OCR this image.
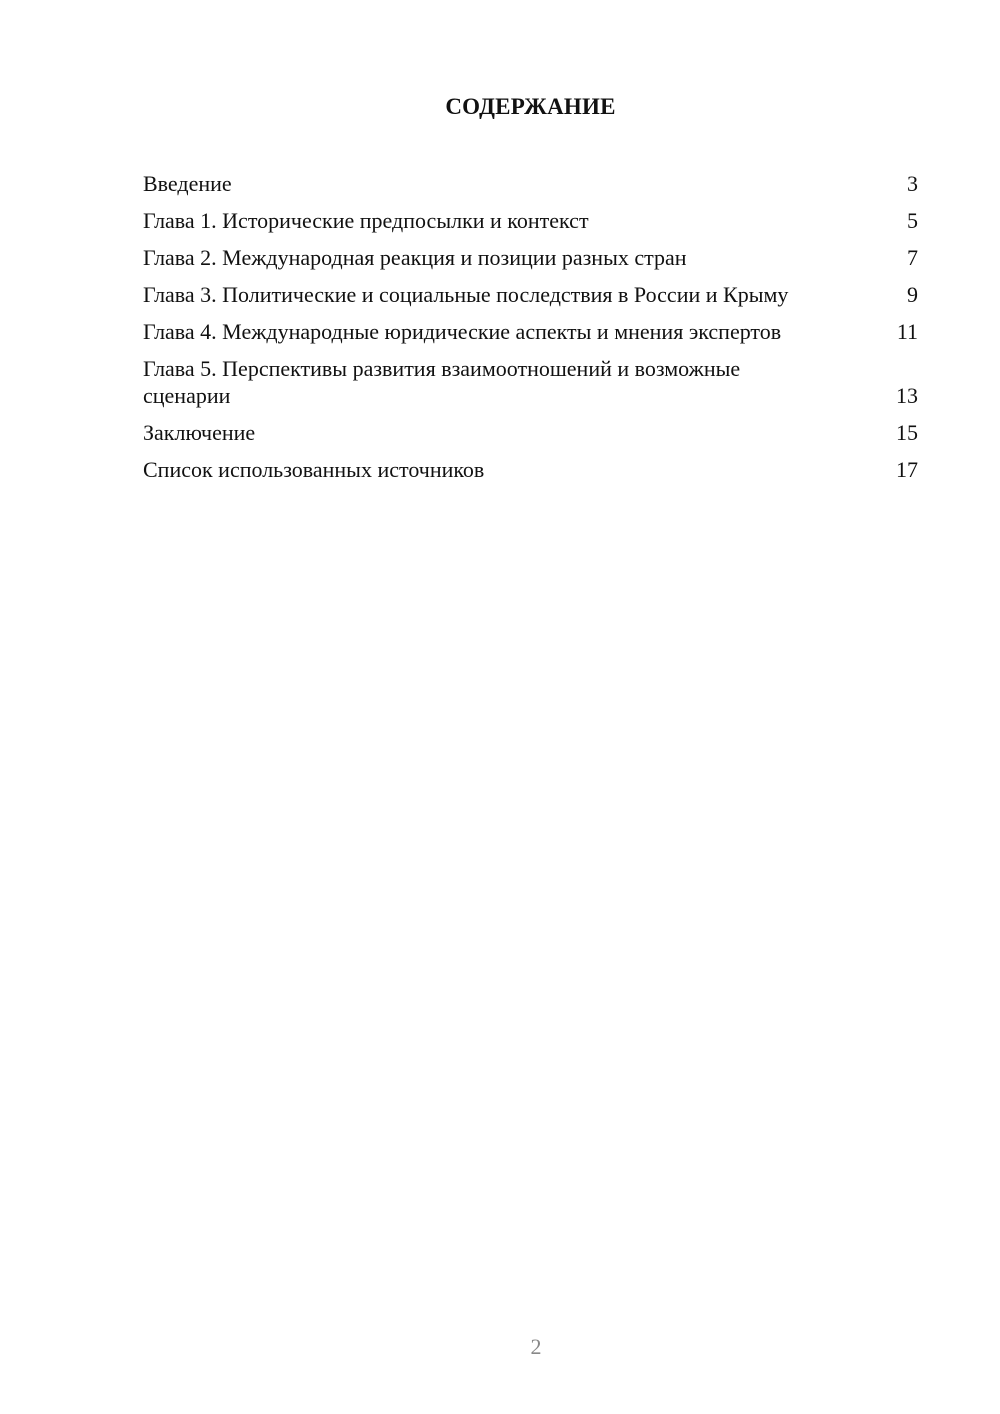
СОДЕРЖАНИЕ
Введение	3
Глава 1. Исторические предпосылки и контекст	5
Глава 2. Международная реакция и позиции разных стран	7
Глава 3. Политические и социальные последствия в России и Крыму	9
Глава 4. Международные юридические аспекты и мнения экспертов	11
Глава 5. Перспективы развития взаимоотношений и возможные сценарии	13
Заключение	15
Список использованных источников	17
2
